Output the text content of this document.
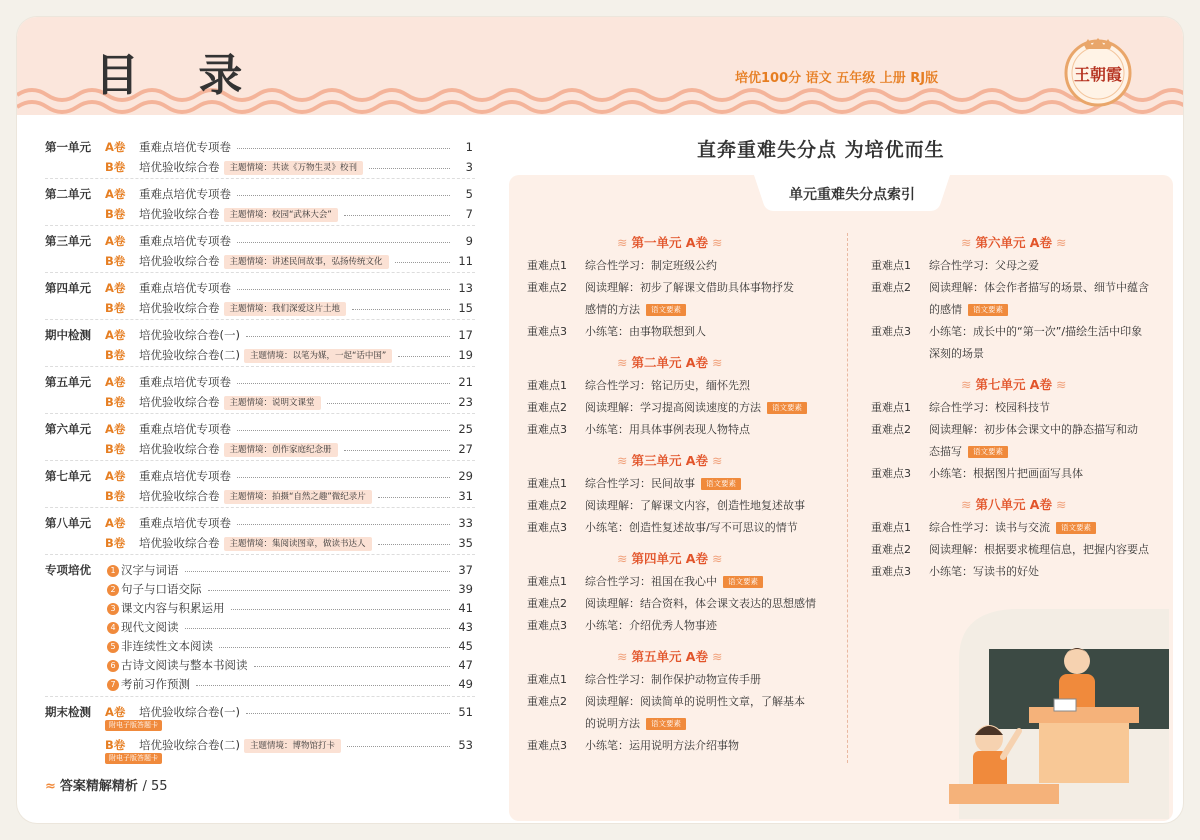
目 录	培优100分 语文 五年级 上册 RJ版	王朝霞
第一单元 A卷 重难点培优专项卷	1
B卷 培优验收综合卷 主题情境：共读《万物生灵》校刊	3
第二单元 A卷 重难点培优专项卷	5
B卷 培优验收综合卷 主题情境：校园“武林大会”	7
第三单元 A卷 重难点培优专项卷	9
B卷 培优验收综合卷 主题情境：讲述民间故事，弘扬传统文化	11
第四单元 A卷 重难点培优专项卷	13
B卷 培优验收综合卷 主题情境：我们深爱这片土地	15
期中检测 A卷 培优验收综合卷(一)	17
B卷 培优验收综合卷(二) 主题情境：以笔为媒，一起“话中国”	19
第五单元 A卷 重难点培优专项卷	21
B卷 培优验收综合卷 主题情境：说明文课堂	23
第六单元 A卷 重难点培优专项卷	25
B卷 培优验收综合卷 主题情境：创作家庭纪念册	27
第七单元 A卷 重难点培优专项卷	29
B卷 培优验收综合卷 主题情境：拍摄“自然之趣”微纪录片	31
第八单元 A卷 重难点培优专项卷	33
B卷 培优验收综合卷 主题情境：集阅读图章，做读书达人	35
专项培优	1 汉字与词语	37
2 句子与口语交际	39
3 课文内容与积累运用	41
4 现代文阅读	43
5 非连续性文本阅读	45
6 古诗文阅读与整本书阅读	47
7 考前习作预测	49
期末检测 A卷 培优验收综合卷(一)	51
附电子版答题卡
B卷 培优验收综合卷(二) 主题情境：博物馆打卡	53
附电子版答题卡
≈ 答案精解精析 / 55
直奔重难失分点 为培优而生
单元重难失分点索引
≋ 第一单元 A卷 ≋
重难点1 综合性学习：制定班级公约
重难点2 阅读理解：初步了解课文借助具体事物抒发
感情的方法 语文要素
重难点3 小练笔：由事物联想到人
≋ 第二单元 A卷 ≋
重难点1 综合性学习：铭记历史，缅怀先烈
重难点2 阅读理解：学习提高阅读速度的方法 语文要素
重难点3 小练笔：用具体事例表现人物特点
≋ 第三单元 A卷 ≋
重难点1 综合性学习：民间故事 语文要素
重难点2 阅读理解：了解课文内容，创造性地复述故事
重难点3 小练笔：创造性复述故事/写不可思议的情节
≋ 第四单元 A卷 ≋
重难点1 综合性学习：祖国在我心中 语文要素
重难点2 阅读理解：结合资料，体会课文表达的思想感情
重难点3 小练笔：介绍优秀人物事迹
≋ 第五单元 A卷 ≋
重难点1 综合性学习：制作保护动物宣传手册
重难点2 阅读理解：阅读简单的说明性文章，了解基本
的说明方法 语文要素
重难点3 小练笔：运用说明方法介绍事物
≋ 第六单元 A卷 ≋
重难点1 综合性学习：父母之爱
重难点2 阅读理解：体会作者描写的场景、细节中蕴含
的感情 语文要素
重难点3 小练笔：成长中的“第一次”/描绘生活中印象
深刻的场景
≋ 第七单元 A卷 ≋
重难点1 综合性学习：校园科技节
重难点2 阅读理解：初步体会课文中的静态描写和动
态描写 语文要素
重难点3 小练笔：根据图片把画面写具体
≋ 第八单元 A卷 ≋
重难点1 综合性学习：读书与交流 语文要素
重难点2 阅读理解：根据要求梳理信息，把握内容要点
重难点3 小练笔：写读书的好处
